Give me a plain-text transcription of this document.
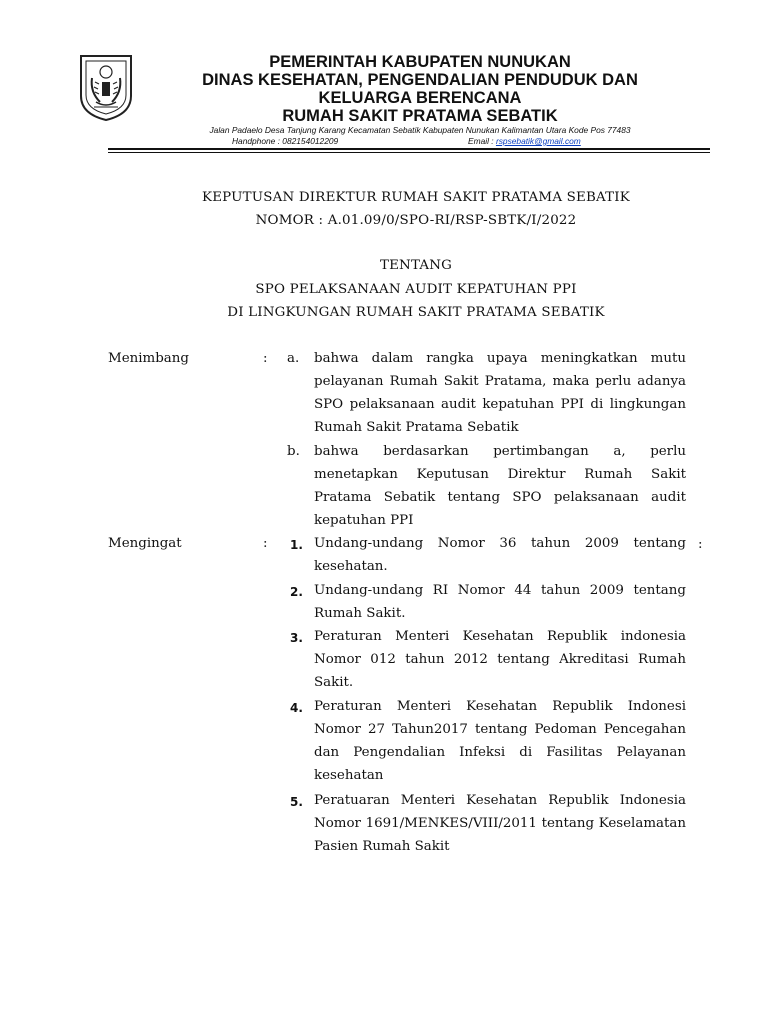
PEMERINTAH KABUPATEN NUNUKAN
DINAS KESEHATAN, PENGENDALIAN PENDUDUK DAN
KELUARGA BERENCANA
RUMAH SAKIT PRATAMA SEBATIK
Jalan Padaelo Desa Tanjung Karang Kecamatan Sebatik Kabupaten Nunukan Kalimantan Utara Kode Pos 77483
Handphone : 082154012209	Email : rspsebatik@gmail.com
KEPUTUSAN DIREKTUR RUMAH SAKIT PRATAMA SEBATIK
NOMOR : A.01.09/0/SPO-RI/RSP-SBTK/I/2022
TENTANG
SPO PELAKSANAAN AUDIT KEPATUHAN PPI
DI LINGKUNGAN RUMAH SAKIT PRATAMA SEBATIK
Menimbang	: a. bahwa dalam rangka upaya meningkatkan mutu pelayanan Rumah Sakit Pratama, maka perlu adanya SPO pelaksanaan audit kepatuhan PPI di lingkungan Rumah Sakit Pratama Sebatik
b. bahwa berdasarkan pertimbangan a, perlu menetapkan Keputusan Direktur Rumah Sakit Pratama Sebatik tentang SPO pelaksanaan audit kepatuhan PPI
Mengingat	:	:
1. Undang-undang Nomor 36 tahun 2009 tentang kesehatan.
2. Undang-undang RI Nomor 44 tahun 2009 tentang Rumah Sakit.
3. Peraturan Menteri Kesehatan Republik indonesia Nomor 012 tahun 2012 tentang Akreditasi Rumah Sakit.
4. Peraturan Menteri Kesehatan Republik Indonesi Nomor 27 Tahun2017 tentang Pedoman Pencegahan dan Pengendalian Infeksi di Fasilitas Pelayanan kesehatan
5. Peratuaran Menteri Kesehatan Republik Indonesia Nomor 1691/MENKES/VIII/2011 tentang Keselamatan Pasien Rumah Sakit
